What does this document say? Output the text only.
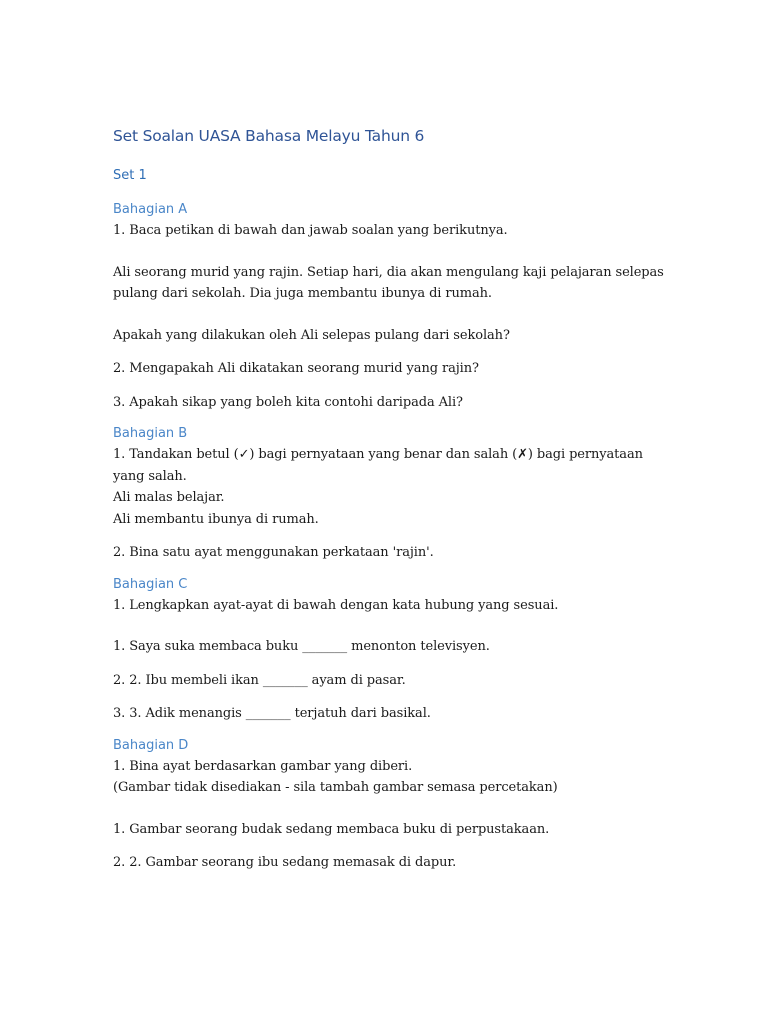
Set Soalan UASA Bahasa Melayu Tahun 6
Set 1
Bahagian A

1. Baca petikan di bawah dan jawab soalan yang berikutnya.

Ali seorang murid yang rajin. Setiap hari, dia akan mengulang kaji pelajaran selepas

pulang dari sekolah. Dia juga membantu ibunya di rumah.

Apakah yang dilakukan oleh Ali selepas pulang dari sekolah?

2. Mengapakah Ali dikatakan seorang murid yang rajin?

3. Apakah sikap yang boleh kita contohi daripada Ali?

Bahagian B

1. Tandakan betul (✓) bagi pernyataan yang benar dan salah (✗) bagi pernyataan

yang salah.

Ali malas belajar.

Ali membantu ibunya di rumah.

2. Bina satu ayat menggunakan perkataan 'rajin'.

Bahagian C

1. Lengkapkan ayat-ayat di bawah dengan kata hubung yang sesuai.

1. Saya suka membaca buku _______ menonton televisyen.

2. 2. Ibu membeli ikan _______ ayam di pasar.

3. 3. Adik menangis _______ terjatuh dari basikal.

Bahagian D

1. Bina ayat berdasarkan gambar yang diberi.

(Gambar tidak disediakan - sila tambah gambar semasa percetakan)

1. Gambar seorang budak sedang membaca buku di perpustakaan.

2. 2. Gambar seorang ibu sedang memasak di dapur.
